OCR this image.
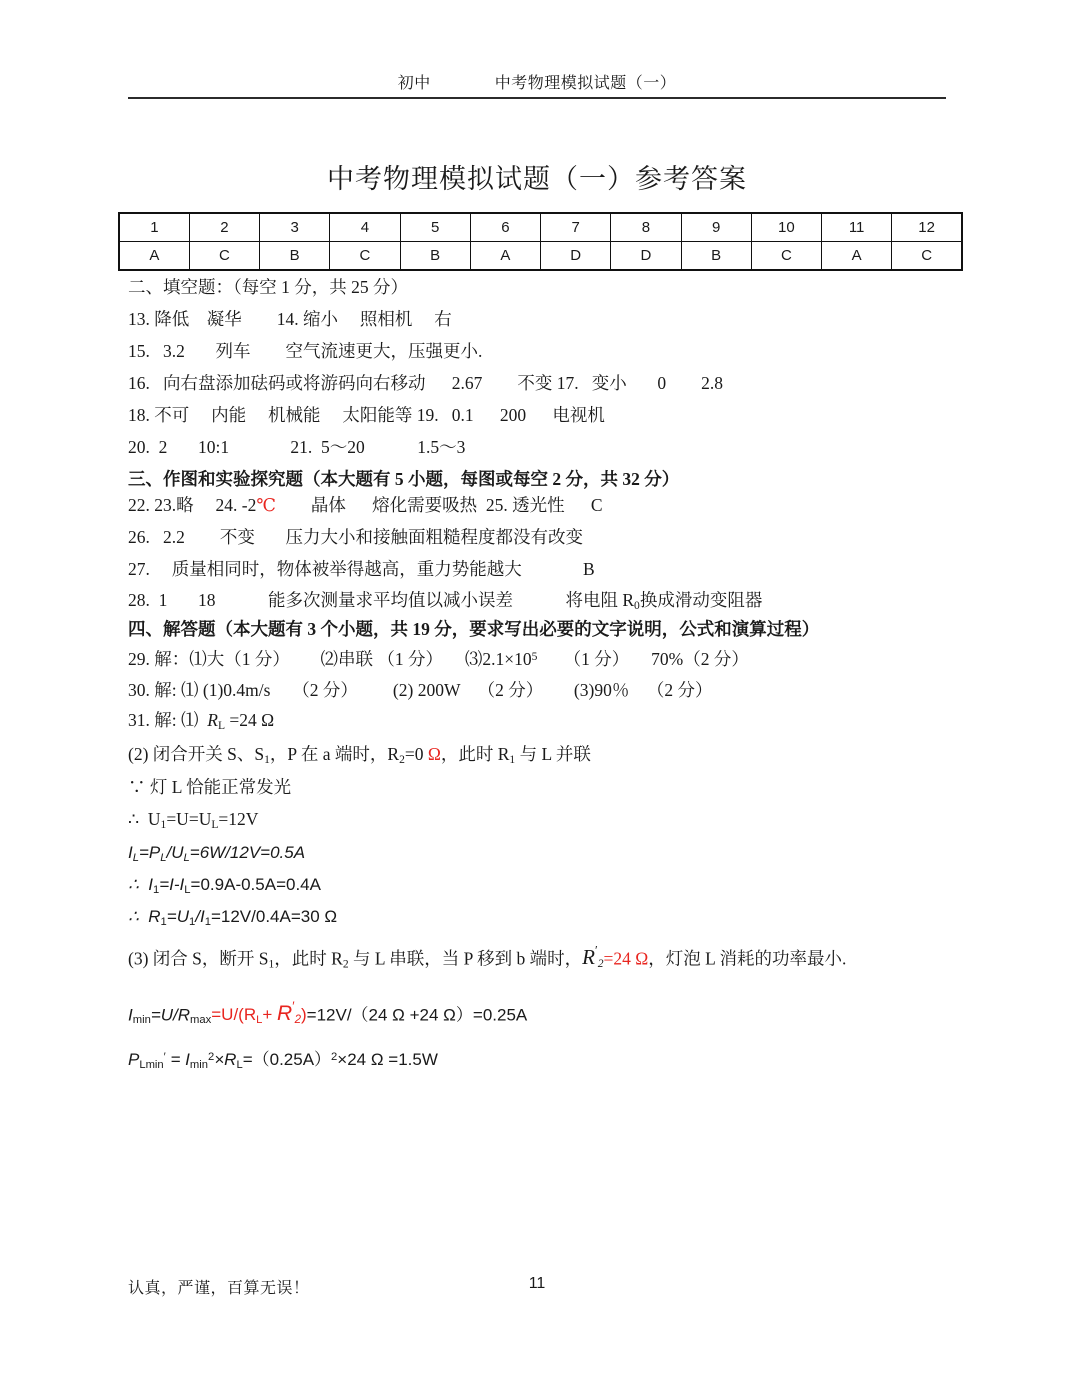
初中	中考物理模拟试题（一）
中考物理模拟试题（一）参考答案
1	2	3	4	5	6	7	8	9	10	11	12
A	C	B	C	B	A	D	D	B	C	A	C
二、填空题：（每空 1 分，共 25 分）
13. 降低    凝华        14. 缩小     照相机     右
15.   3.2       列车        空气流速更大，压强更小.
16.   向右盘添加砝码或将游码向右移动      2.67        不变 17.   变小       0        2.8
18. 不可     内能     机械能     太阳能等 19.   0.1      200      电视机
20.  2       10:1              21.  5～20            1.5～3
三、作图和实验探究题（本大题有 5 小题，每图或每空 2 分，共 32 分）
22. 23.略     24. -2℃        晶体      熔化需要吸热  25. 透光性      C
26.   2.2        不变       压力大小和接触面粗糙程度都没有改变
27.     质量相同时，物体被举得越高，重力势能越大              B
28.  1       18            能多次测量求平均值以减小误差            将电阻 $R_0$换成滑动变阻器
四、解答题（本大题有 3 个小题，共 19 分，要求写出必要的文字说明，公式和演算过程）
29. 解：⑴大（1 分）       ⑵串联 （1 分）     $⑶2.1\times 10^5$      （1 分）     70%（2 分）
30. 解: ⑴ (1)0.4m/s     （2 分）        (2) 200W    （2 分）       (3)90％    （2 分）
31. 解: ⑴  $R_L =24$ Ω
(2) 闭合开关 S、$S_1$，P 在 a 端时，$R_2=0$ Ω，此时 $R_1$ 与 L 并联
∵ 灯 L 恰能正常发光
∴  $U_1=U=U_L=12V$
$I_L=P_L/U_L=6W/12V=0.5A$
∴  $I_1=I-I_L=0.9A-0.5A=0.4A$
∴  $R_1=U_1/I_1=12V/0.4A=30$ Ω
(3) 闭合 S，断开 $S_1$，此时 $R_2$ 与 L 串联，当 P 移到 b 端时，$R'_2=24$ Ω，灯泡 L 消耗的功率最小.
$I_{min}=U/R_{max}=U/(R_L+ R'_2)=12V/(24$ Ω +24 Ω）=0.25A
$P_{Lmin}' = I_{min}^2\times R_L=(0.25A)^2\times 24$ Ω =1.5W
认真，严谨，百算无误！	11
